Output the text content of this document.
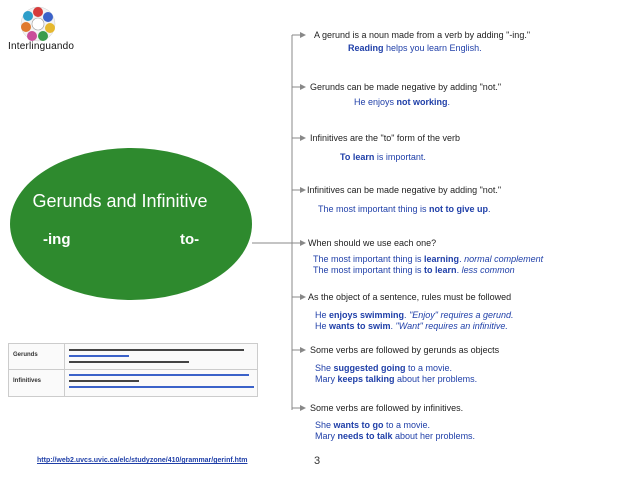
Interlinguando
Gerunds and Infinitive
-ing	to-
A gerund is a noun made from a verb by adding "-ing."
Reading helps you learn English.
Gerunds can be made negative by adding "not."
He enjoys not working.
Infinitives are the "to" form of the verb
To learn is important.
Infinitives can be made negative by adding "not."
The most important thing is not to give up.
When should we use each one?
The most important thing is learning. normal complement
The most important thing is to learn. less common
As the object of a sentence, rules must be followed
He enjoys swimming. "Enjoy" requires a gerund.
He wants to swim. "Want" requires an infinitive.
Some verbs are followed by gerunds as objects
She suggested going to a movie.
Mary keeps talking about her problems.
Some verbs are followed by infinitives.
She wants to go to a movie.
Mary needs to talk about her problems.
Gerunds
Infinitives
http://web2.uvcs.uvic.ca/elc/studyzone/410/grammar/gerinf.htm	3
